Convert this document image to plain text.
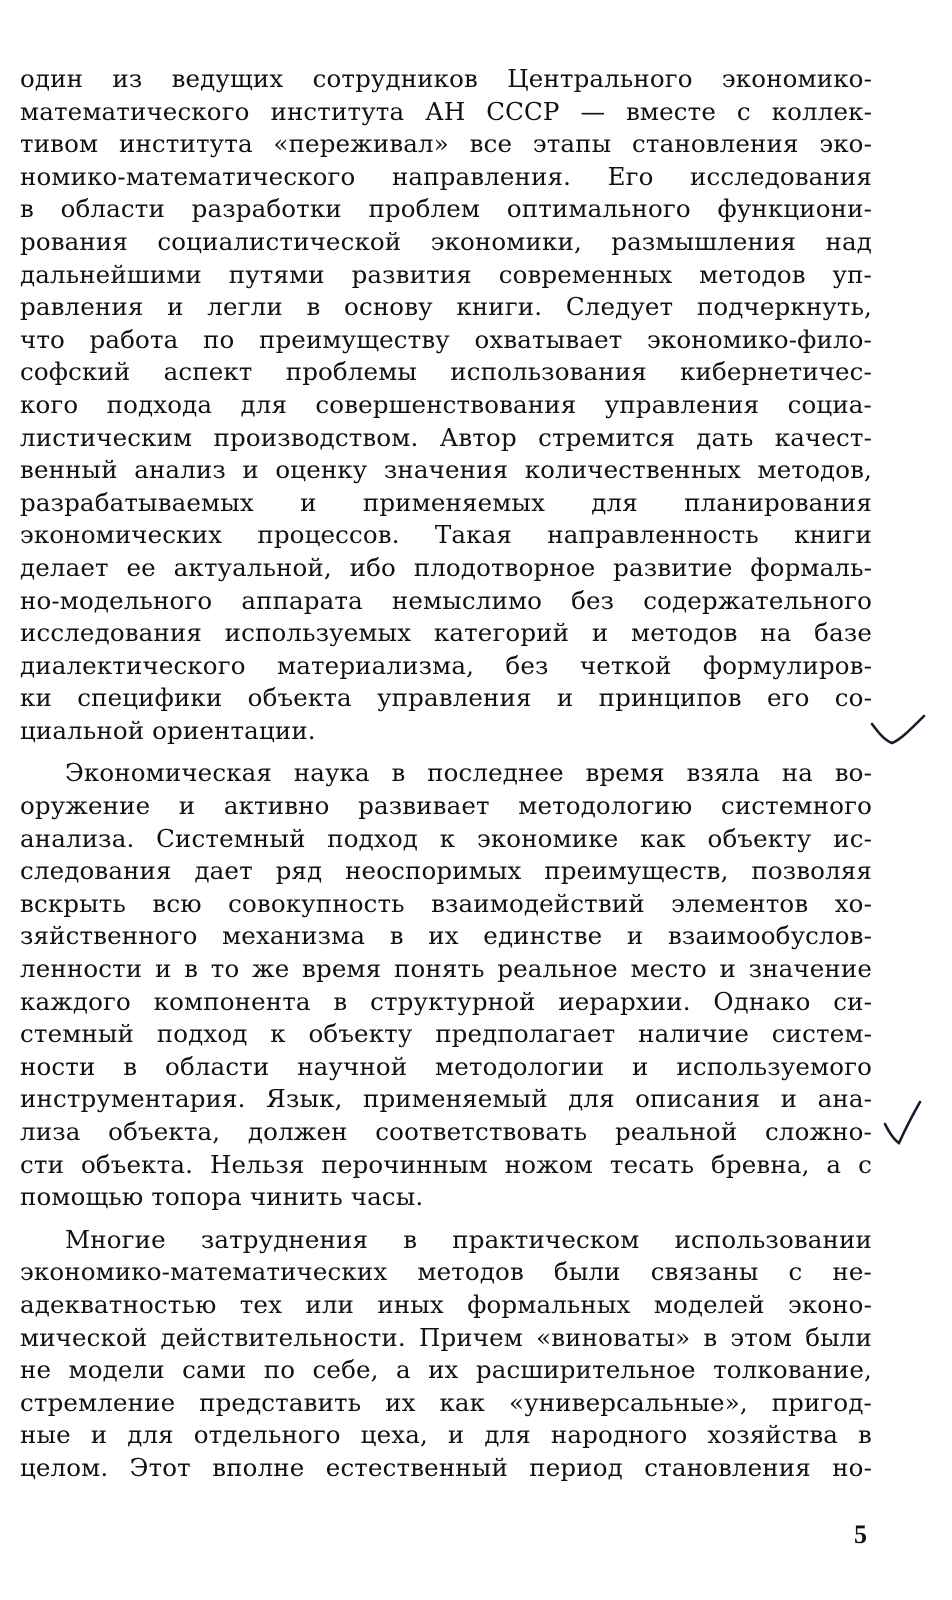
один из ведущих сотрудников Центрального экономико-
математического института АН СССР — вместе с коллек-
тивом института «переживал» все этапы становления эко-
номико-математического направления. Его исследования
в области разработки проблем оптимального функциони-
рования социалистической экономики, размышления над
дальнейшими путями развития современных методов уп-
равления и легли в основу книги. Следует подчеркнуть,
что работа по преимуществу охватывает экономико-фило-
софский аспект проблемы использования кибернетичес-
кого подхода для совершенствования управления социа-
листическим производством. Автор стремится дать качест-
венный анализ и оценку значения количественных методов,
разрабатываемых и применяемых для планирования
экономических процессов. Такая направленность книги
делает ее актуальной, ибо плодотворное развитие формаль-
но-модельного аппарата немыслимо без содержательного
исследования используемых категорий и методов на базе
диалектического материализма, без четкой формулиров-
ки специфики объекта управления и принципов его со-
циальной ориентации.
Экономическая наука в последнее время взяла на во-
оружение и активно развивает методологию системного
анализа. Системный подход к экономике как объекту ис-
следования дает ряд неоспоримых преимуществ, позволяя
вскрыть всю совокупность взаимодействий элементов хо-
зяйственного механизма в их единстве и взаимообуслов-
ленности и в то же время понять реальное место и значение
каждого компонента в структурной иерархии. Однако си-
стемный подход к объекту предполагает наличие систем-
ности в области научной методологии и используемого
инструментария. Язык, применяемый для описания и ана-
лиза объекта, должен соответствовать реальной сложно-
сти объекта. Нельзя перочинным ножом тесать бревна, а с
помощью топора чинить часы.
Многие затруднения в практическом использовании
экономико-математических методов были связаны с не-
адекватностью тех или иных формальных моделей эконо-
мической действительности. Причем «виноваты» в этом были
не модели сами по себе, а их расширительное толкование,
стремление представить их как «универсальные», пригод-
ные и для отдельного цеха, и для народного хозяйства в
целом. Этот вполне естественный период становления но-
5
